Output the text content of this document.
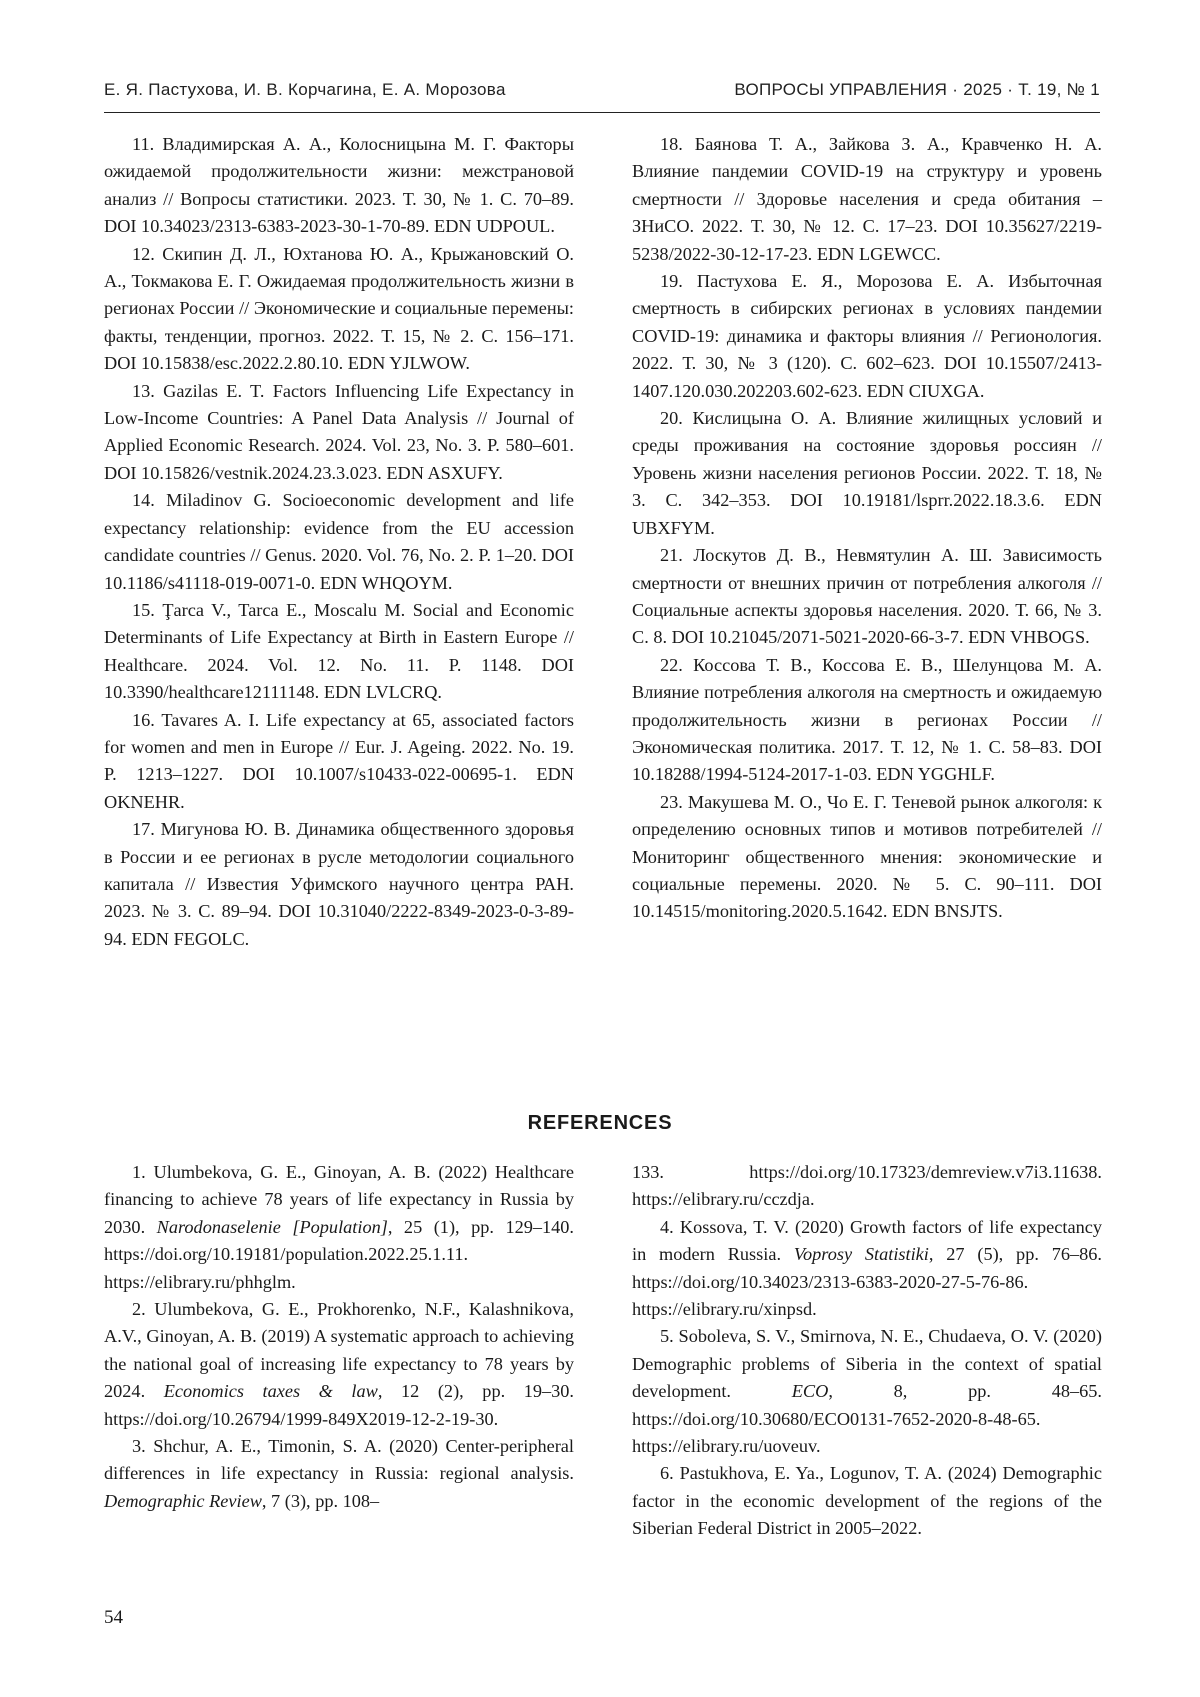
Е. Я. Пастухова, И. В. Корчагина, Е. А. Морозова	ВОПРОСЫ УПРАВЛЕНИЯ · 2025 · Т. 19, № 1

11. Владимирская А. А., Колосницына М. Г. Факторы ожидаемой продолжительности жизни: межстрановой анализ // Вопросы статистики. 2023. Т. 30, № 1. С. 70–89. DOI 10.34023/2313-6383-2023-30-1-70-89. EDN UDPOUL.

12. Скипин Д. Л., Юхтанова Ю. А., Крыжановский О. А., Токмакова Е. Г. Ожидаемая продолжительность жизни в регионах России // Экономические и социальные перемены: факты, тенденции, прогноз. 2022. Т. 15, № 2. С. 156–171. DOI 10.15838/esc.2022.2.80.10. EDN YJLWOW.

13. Gazilas E. T. Factors Influencing Life Expectancy in Low-Income Countries: A Panel Data Analysis // Journal of Applied Economic Research. 2024. Vol. 23, No. 3. P. 580–601. DOI 10.15826/vestnik.2024.23.3.023. EDN ASXUFY.

14. Miladinov G. Socioeconomic development and life expectancy relationship: evidence from the EU accession candidate countries // Genus. 2020. Vol. 76, No. 2. P. 1–20. DOI 10.1186/s41118-019-0071-0. EDN WHQOYM.

15. Ţarca V., Tarca E., Moscalu M. Social and Economic Determinants of Life Expectancy at Birth in Eastern Europe // Healthcare. 2024. Vol. 12. No. 11. P. 1148. DOI 10.3390/healthcare12111148. EDN LVLCRQ.

16. Tavares A. I. Life expectancy at 65, associated factors for women and men in Europe // Eur. J. Ageing. 2022. No. 19. P. 1213–1227. DOI 10.1007/s10433-022-00695-1. EDN OKNEHR.

17. Мигунова Ю. В. Динамика общественного здоровья в России и ее регионах в русле методологии социального капитала // Известия Уфимского научного центра РАН. 2023. № 3. С. 89–94. DOI 10.31040/2222-8349-2023-0-3-89-94. EDN FEGOLC.

18. Баянова Т. А., Зайкова З. А., Кравченко Н. А. Влияние пандемии COVID-19 на структуру и уровень смертности // Здоровье населения и среда обитания – ЗНиСО. 2022. Т. 30, № 12. С. 17–23. DOI 10.35627/2219-5238/2022-30-12-17-23. EDN LGEWCC.

19. Пастухова Е. Я., Морозова Е. А. Избыточная смертность в сибирских регионах в условиях пандемии COVID-19: динамика и факторы влияния // Регионология. 2022. Т. 30, № 3 (120). С. 602–623. DOI 10.15507/2413-1407.120.030.202203.602-623. EDN CIUXGA.

20. Кислицына О. А. Влияние жилищных условий и среды проживания на состояние здоровья россиян // Уровень жизни населения регионов России. 2022. Т. 18, № 3. С. 342–353. DOI 10.19181/lsprr.2022.18.3.6. EDN UBXFYM.

21. Лоскутов Д. В., Невмятулин А. Ш. Зависимость смертности от внешних причин от потребления алкоголя // Социальные аспекты здоровья населения. 2020. Т. 66, № 3. С. 8. DOI 10.21045/2071-5021-2020-66-3-7. EDN VHBOGS.

22. Коссова Т. В., Коссова Е. В., Шелунцова М. А. Влияние потребления алкоголя на смертность и ожидаемую продолжительность жизни в регионах России // Экономическая политика. 2017. Т. 12, № 1. С. 58–83. DOI 10.18288/1994-5124-2017-1-03. EDN YGGHLF.

23. Макушева М. О., Чо Е. Г. Теневой рынок алкоголя: к определению основных типов и мотивов потребителей // Мониторинг общественного мнения: экономические и социальные перемены. 2020. № 5. С. 90–111. DOI 10.14515/monitoring.2020.5.1642. EDN BNSJTS.

REFERENCES

1. Ulumbekova, G. E., Ginoyan, A. B. (2022) Healthcare financing to achieve 78 years of life expectancy in Russia by 2030. Narodonaselenie [Population], 25 (1), pp. 129–140. https://doi.org/10.19181/population.2022.25.1.11. https://elibrary.ru/phhglm.

2. Ulumbekova, G. E., Prokhorenko, N.F., Kalashnikova, A.V., Ginoyan, A. B. (2019) A systematic approach to achieving the national goal of increasing life expectancy to 78 years by 2024. Economics taxes & law, 12 (2), pp. 19–30. https://doi.org/10.26794/1999-849X2019-12-2-19-30.

3. Shchur, A. E., Timonin, S. A. (2020) Center-peripheral differences in life expectancy in Russia: regional analysis. Demographic Review, 7 (3), pp. 108–

133. https://doi.org/10.17323/demreview.v7i3.11638. https://elibrary.ru/cczdja.

4. Kossova, T. V. (2020) Growth factors of life expectancy in modern Russia. Voprosy Statistiki, 27 (5), pp. 76–86. https://doi.org/10.34023/2313-6383-2020-27-5-76-86. https://elibrary.ru/xinpsd.

5. Soboleva, S. V., Smirnova, N. E., Chudaeva, O. V. (2020) Demographic problems of Siberia in the context of spatial development. ECO, 8, pp. 48–65. https://doi.org/10.30680/ECO0131-7652-2020-8-48-65. https://elibrary.ru/uoveuv.

6. Pastukhova, E. Ya., Logunov, T. A. (2024) Demographic factor in the economic development of the regions of the Siberian Federal District in 2005–2022.

54
